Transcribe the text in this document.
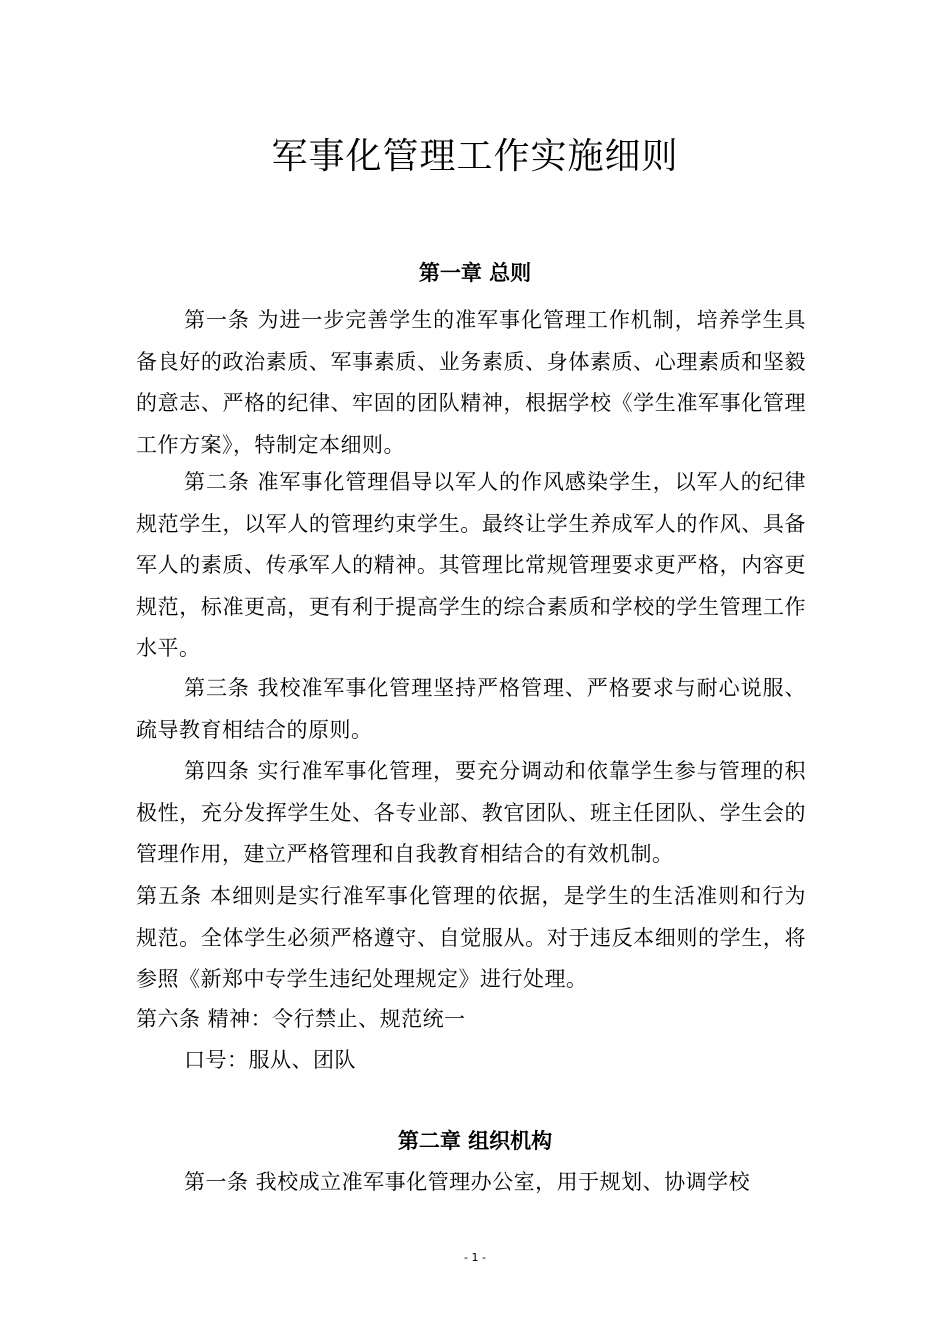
军事化管理工作实施细则
第一章 总则

第一条 为进一步完善学生的准军事化管理工作机制，培养学生具备良好的政治素质、军事素质、业务素质、身体素质、心理素质和坚毅的意志、严格的纪律、牢固的团队精神，根据学校《学生准军事化管理工作方案》，特制定本细则。

第二条 准军事化管理倡导以军人的作风感染学生，以军人的纪律规范学生，以军人的管理约束学生。最终让学生养成军人的作风、具备军人的素质、传承军人的精神。其管理比常规管理要求更严格，内容更规范，标准更高，更有利于提高学生的综合素质和学校的学生管理工作水平。

第三条 我校准军事化管理坚持严格管理、严格要求与耐心说服、疏导教育相结合的原则。

第四条 实行准军事化管理，要充分调动和依靠学生参与管理的积极性，充分发挥学生处、各专业部、教官团队、班主任团队、学生会的管理作用，建立严格管理和自我教育相结合的有效机制。

第五条 本细则是实行准军事化管理的依据，是学生的生活准则和行为规范。全体学生必须严格遵守、自觉服从。对于违反本细则的学生，将参照《新郑中专学生违纪处理规定》进行处理。

第六条 精神：令行禁止、规范统一

口号：服从、团队

第二章 组织机构

第一条 我校成立准军事化管理办公室，用于规划、协调学校

- 1 -
